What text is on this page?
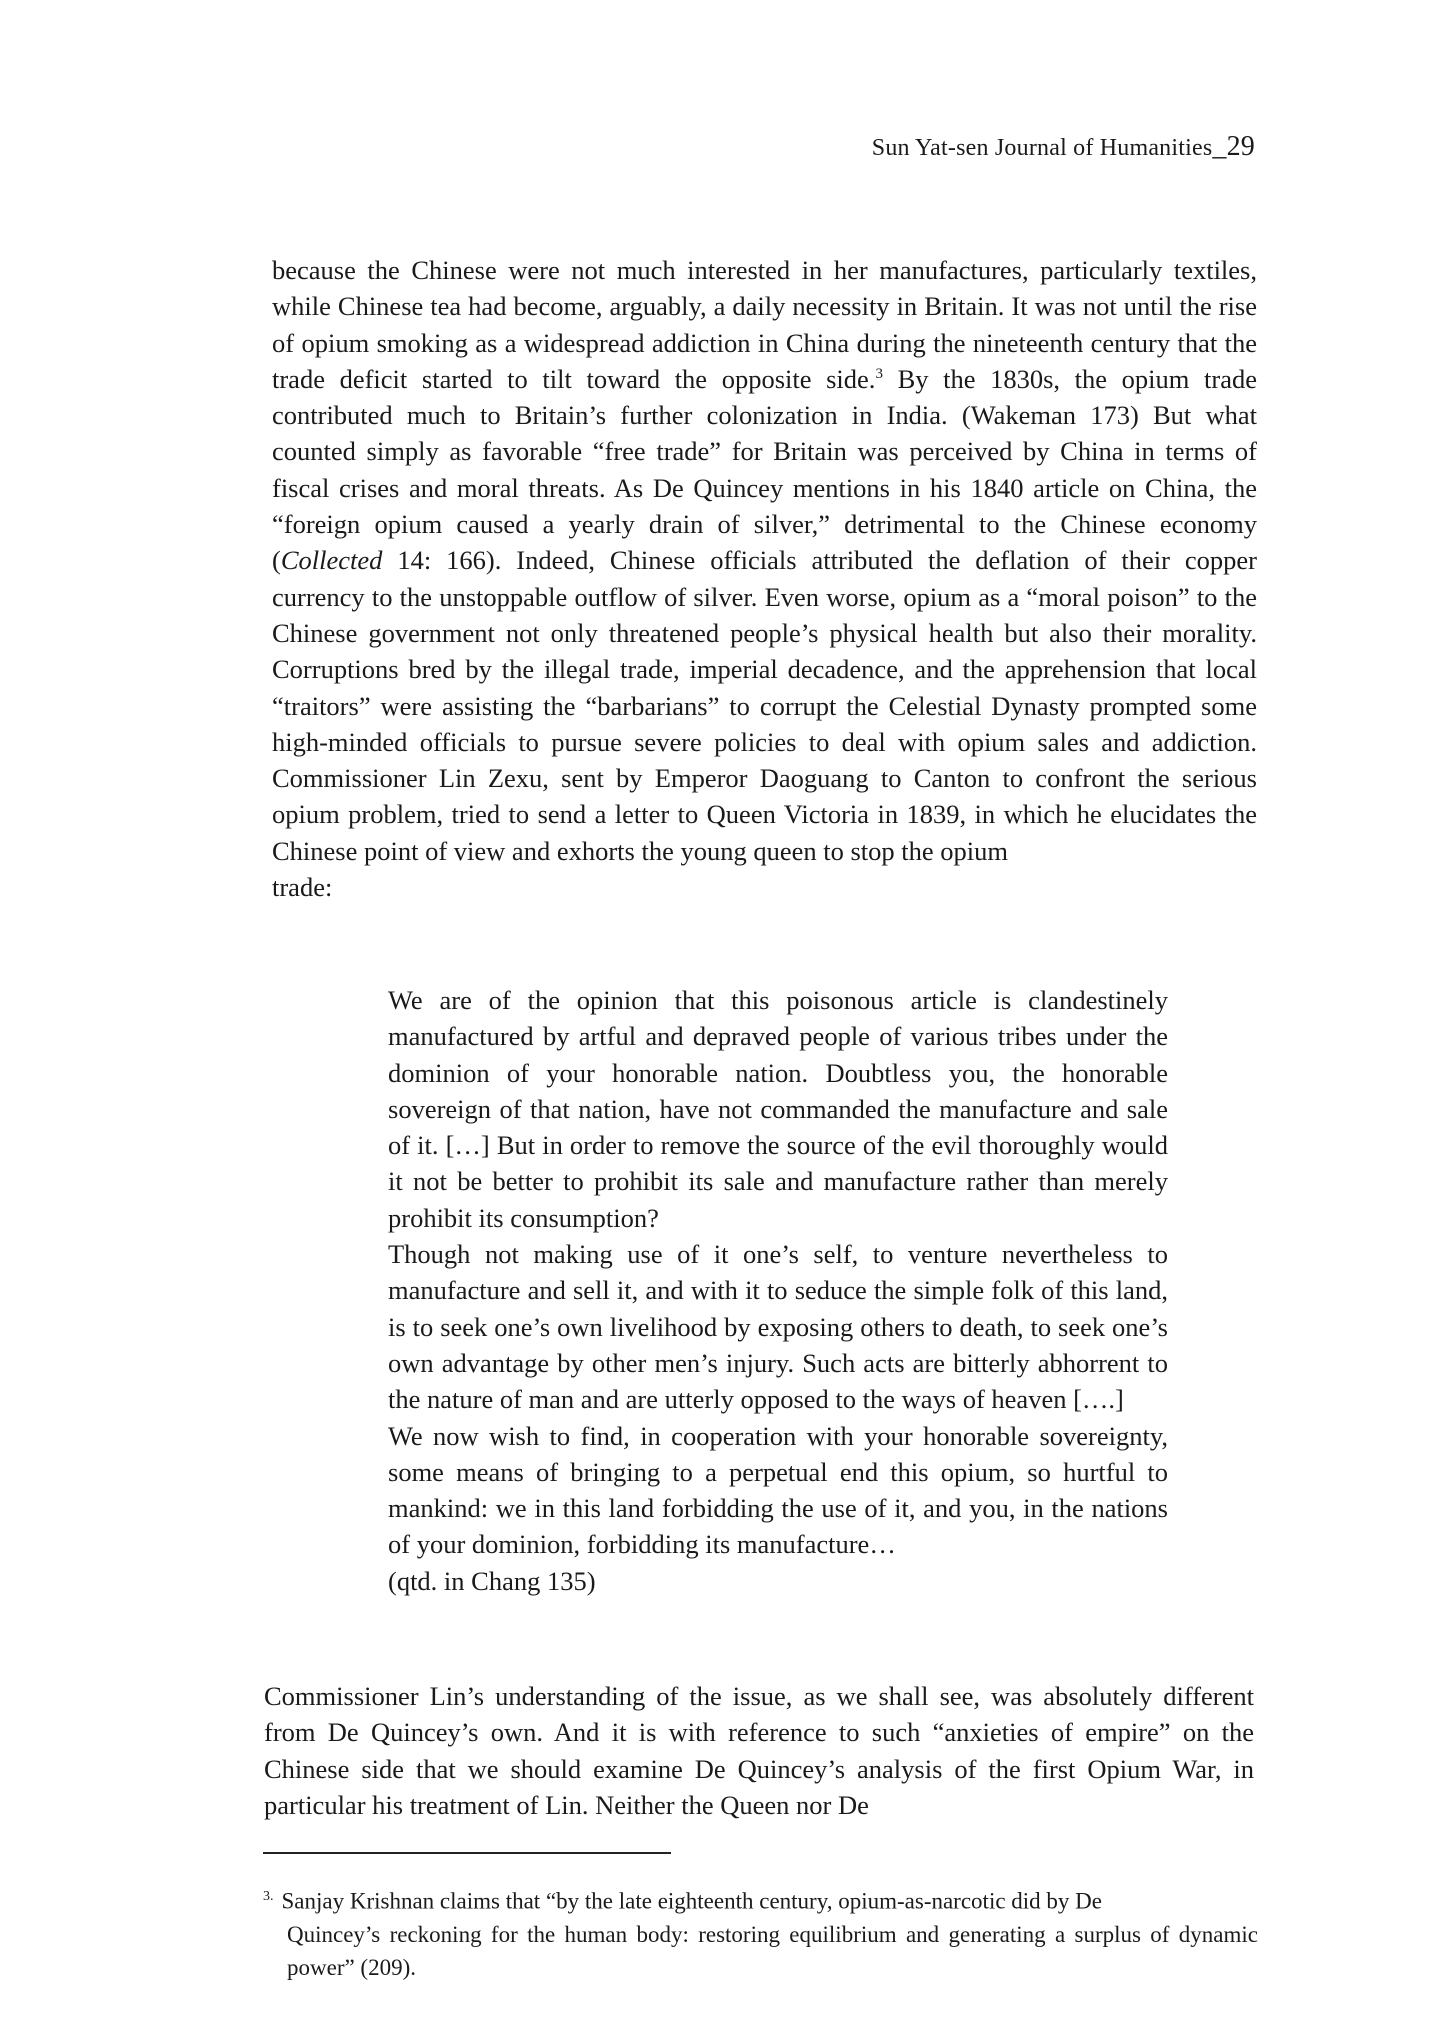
Sun Yat-sen Journal of Humanities_29

because the Chinese were not much interested in her manufactures, particularly textiles, while Chinese tea had become, arguably, a daily necessity in Britain. It was not until the rise of opium smoking as a widespread addiction in China during the nineteenth century that the trade deficit started to tilt toward the opposite side.$^3$ By the 1830s, the opium trade contributed much to Britain’s further colonization in India. (Wakeman 173) But what counted simply as favorable “free trade” for Britain was perceived by China in terms of fiscal crises and moral threats. As De Quincey mentions in his 1840 article on China, the “foreign opium caused a yearly drain of silver,” detrimental to the Chinese economy (Collected 14: 166). Indeed, Chinese officials attributed the deflation of their copper currency to the unstoppable outflow of silver. Even worse, opium as a “moral poison” to the Chinese government not only threatened people’s physical health but also their morality. Corruptions bred by the illegal trade, imperial decadence, and the apprehension that local “traitors” were assisting the “barbarians” to corrupt the Celestial Dynasty prompted some high-minded officials to pursue severe policies to deal with opium sales and addiction. Commissioner Lin Zexu, sent by Emperor Daoguang to Canton to confront the serious opium problem, tried to send a letter to Queen Victoria in 1839, in which he elucidates the Chinese point of view and exhorts the young queen to stop the opium

trade:

We are of the opinion that this poisonous article is clandestinely manufactured by artful and depraved people of various tribes under the dominion of your honorable nation. Doubtless you, the honorable sovereign of that nation, have not commanded the manufacture and sale of it. […] But in order to remove the source of the evil thoroughly would it not be better to prohibit its sale and manufacture rather than merely prohibit its consumption?

Though not making use of it one’s self, to venture nevertheless to manufacture and sell it, and with it to seduce the simple folk of this land, is to seek one’s own livelihood by exposing others to death, to seek one’s own advantage by other men’s injury. Such acts are bitterly abhorrent to the nature of man and are utterly opposed to the ways of heaven [….]

We now wish to find, in cooperation with your honorable sovereignty, some means of bringing to a perpetual end this opium, so hurtful to mankind: we in this land forbidding the use of it, and you, in the nations of your dominion, forbidding its manufacture…

(qtd. in Chang 135)

Commissioner Lin’s understanding of the issue, as we shall see, was absolutely different from De Quincey’s own. And it is with reference to such “anxieties of empire” on the Chinese side that we should examine De Quincey’s analysis of the first Opium War, in particular his treatment of Lin. Neither the Queen nor De

$^{3.}$ Sanjay Krishnan claims that “by the late eighteenth century, opium-as-narcotic did by De
Quincey’s reckoning for the human body: restoring equilibrium and generating a surplus of dynamic power” (209).
